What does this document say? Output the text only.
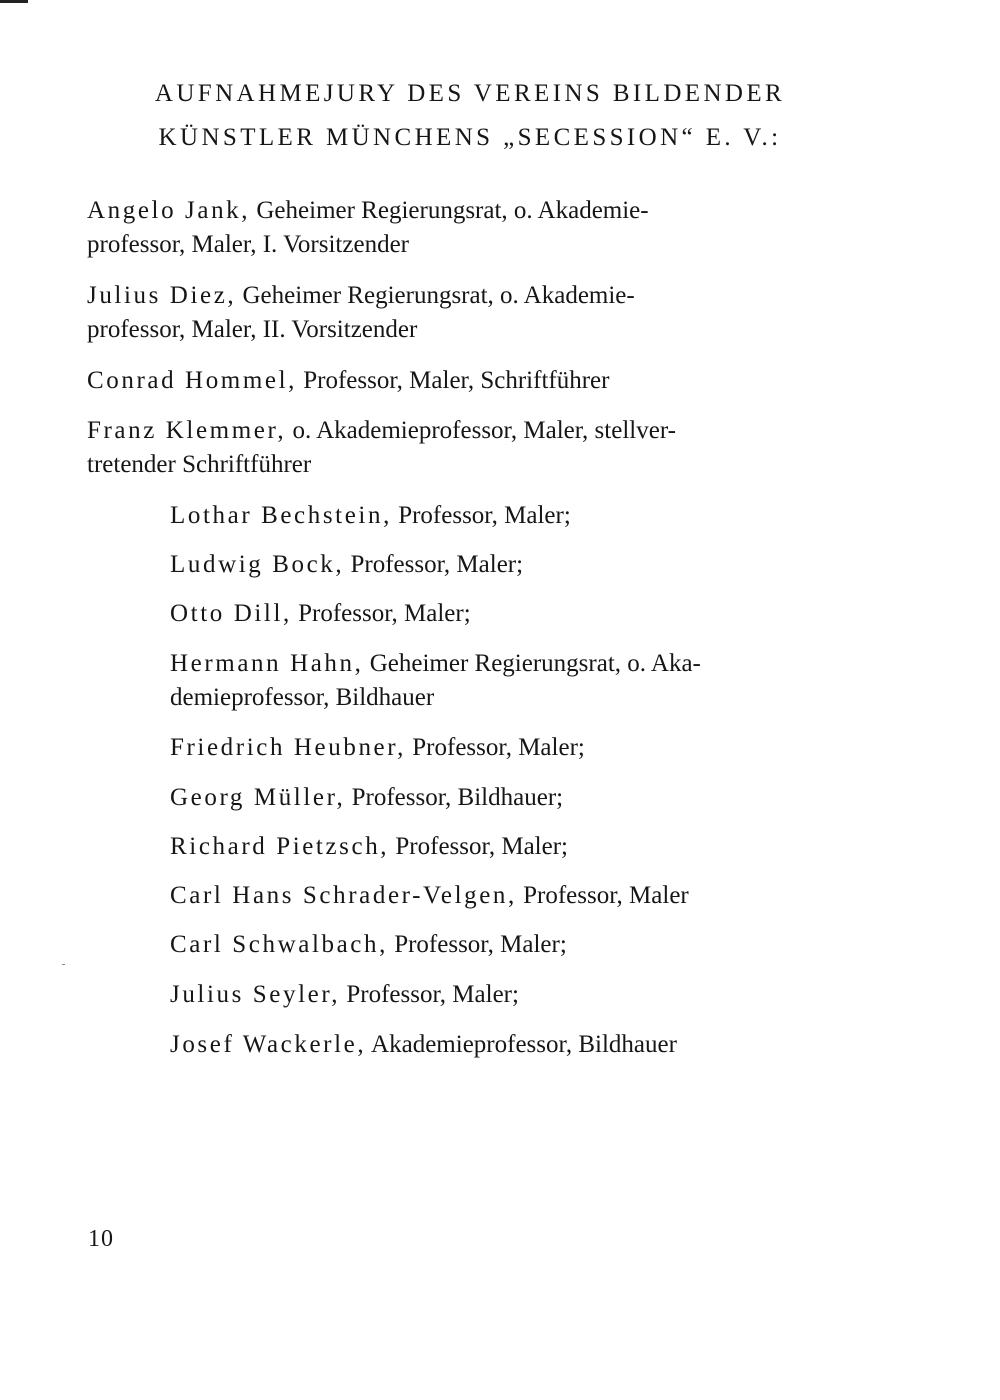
AUFNAHMEJURY DES VEREINS BILDENDER
KÜNSTLER MÜNCHENS „SECESSION“ E. V.:
Angelo Jank, Geheimer Regierungsrat, o. Akademie-
professor, Maler, I. Vorsitzender
Julius Diez, Geheimer Regierungsrat, o. Akademie-
professor, Maler, II. Vorsitzender
Conrad Hommel, Professor, Maler, Schriftführer
Franz Klemmer, o. Akademieprofessor, Maler, stellver-
tretender Schriftführer
Lothar Bechstein, Professor, Maler;
Ludwig Bock, Professor, Maler;
Otto Dill, Professor, Maler;
Hermann Hahn, Geheimer Regierungsrat, o. Aka-
demieprofessor, Bildhauer
Friedrich Heubner, Professor, Maler;
Georg Müller, Professor, Bildhauer;
Richard Pietzsch, Professor, Maler;
Carl Hans Schrader-Velgen, Professor, Maler
Carl Schwalbach, Professor, Maler;
Julius Seyler, Professor, Maler;
Josef Wackerle, Akademieprofessor, Bildhauer
10
